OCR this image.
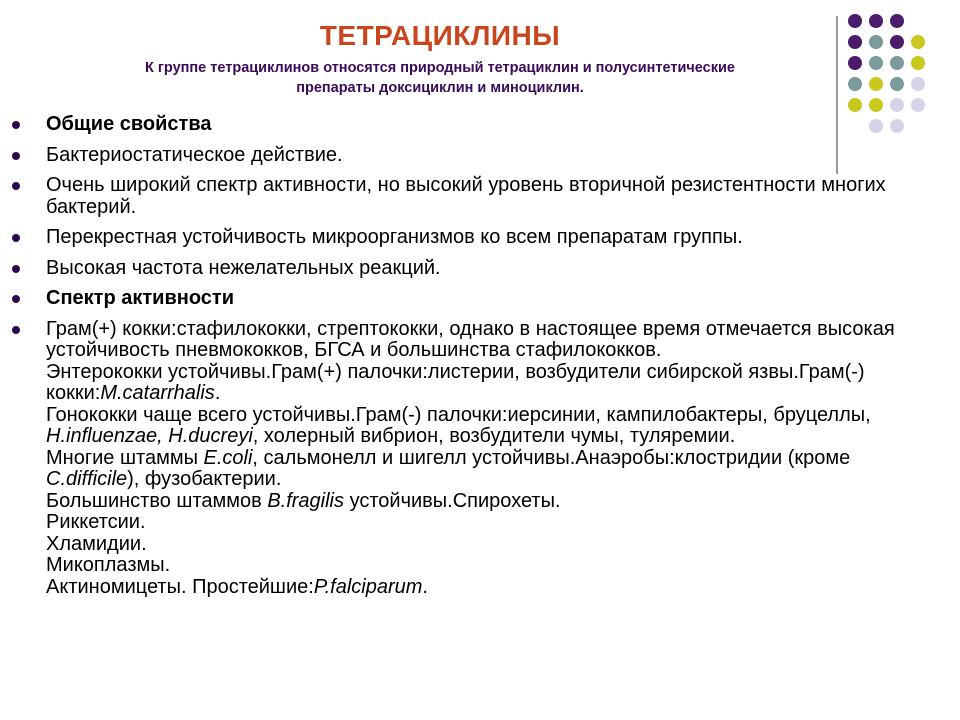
ТЕТРАЦИКЛИНЫ
К группе тетрациклинов относятся природный тетрациклин и полусинтетические
препараты доксициклин и миноциклин.
Общие свойства
Бактериостатическое действие.
Очень широкий спектр активности, но высокий уровень вторичной резистентности многих бактерий.
Перекрестная устойчивость микроорганизмов ко всем препаратам группы.
Высокая частота нежелательных реакций.
Спектр активности
Грам(+) кокки:стафилококки, стрептококки, однако в настоящее время отмечается высокая устойчивость пневмококков, БГСА и большинства стафилококков.
Энтерококки устойчивы.Грам(+) палочки:листерии, возбудители сибирской язвы.Грам(-) кокки:M.catarrhalis.
Гонококки чаще всего устойчивы.Грам(-) палочки:иерсинии, кампилобактеры, бруцеллы, H.influenzae, H.ducreyi, холерный вибрион, возбудители чумы, туляремии.
Многие штаммы E.coli, сальмонелл и шигелл устойчивы.Анаэробы:клостридии (кроме C.difficile), фузобактерии.
Большинство штаммов B.fragilis устойчивы.Спирохеты.
Риккетсии.
Хламидии.
Микоплазмы.
Актиномицеты. Простейшие:P.falciparum.
